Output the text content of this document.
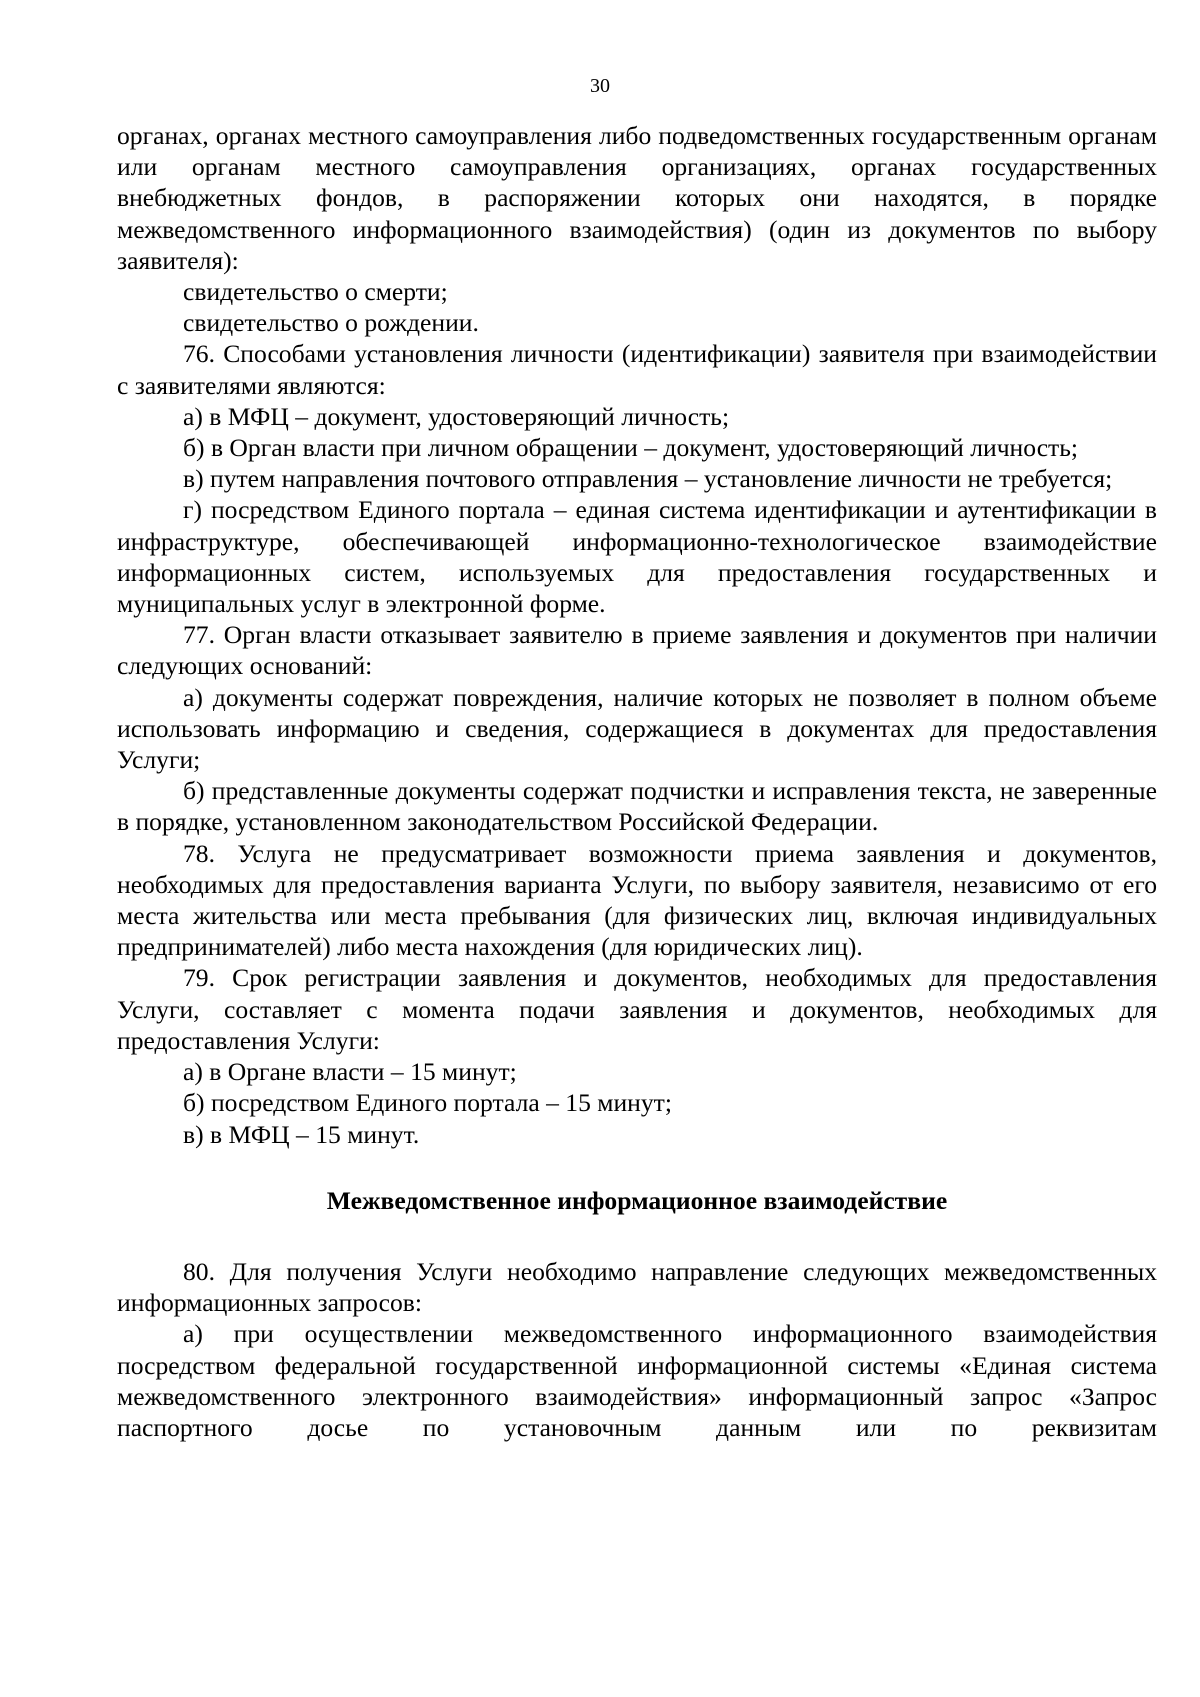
30

органах, органах местного самоуправления либо подведомственных государственным органам или органам местного самоуправления организациях, органах государственных внебюджетных фондов, в распоряжении которых они находятся, в порядке межведомственного информационного взаимодействия) (один из документов по выбору заявителя):

свидетельство о смерти;

свидетельство о рождении.

76. Способами установления личности (идентификации) заявителя при взаимодействии с заявителями являются:

а) в МФЦ – документ, удостоверяющий личность;

б) в Орган власти при личном обращении – документ, удостоверяющий личность;

в) путем направления почтового отправления – установление личности не требуется;

г) посредством Единого портала – единая система идентификации и аутентификации в инфраструктуре, обеспечивающей информационно-технологическое взаимодействие информационных систем, используемых для предоставления государственных и муниципальных услуг в электронной форме.

77. Орган власти отказывает заявителю в приеме заявления и документов при наличии следующих оснований:

а) документы содержат повреждения, наличие которых не позволяет в полном объеме использовать информацию и сведения, содержащиеся в документах для предоставления Услуги;

б) представленные документы содержат подчистки и исправления текста, не заверенные в порядке, установленном законодательством Российской Федерации.

78. Услуга не предусматривает возможности приема заявления и документов, необходимых для предоставления варианта Услуги, по выбору заявителя, независимо от его места жительства или места пребывания (для физических лиц, включая индивидуальных предпринимателей) либо места нахождения (для юридических лиц).

79. Срок регистрации заявления и документов, необходимых для предоставления Услуги, составляет с момента подачи заявления и документов, необходимых для предоставления Услуги:

а) в Органе власти – 15 минут;

б) посредством Единого портала – 15 минут;

в) в МФЦ – 15 минут.

Межведомственное информационное взаимодействие

80. Для получения Услуги необходимо направление следующих межведомственных информационных запросов:

а) при осуществлении межведомственного информационного взаимодействия посредством федеральной государственной информационной системы «Единая система межведомственного электронного взаимодействия» информационный запрос «Запрос паспортного досье по установочным данным или по реквизитам
